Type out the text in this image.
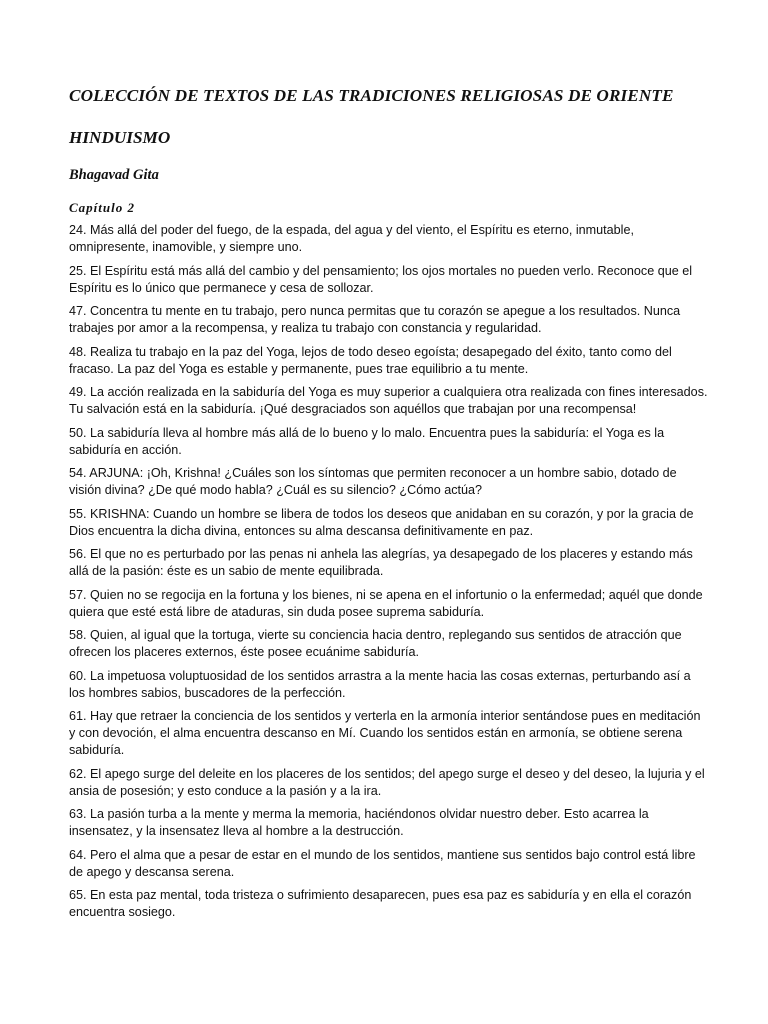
COLECCIÓN DE TEXTOS DE LAS TRADICIONES RELIGIOSAS DE ORIENTE
HINDUISMO
Bhagavad Gita
Capítulo 2

24. Más allá del poder del fuego, de la espada, del agua y del viento, el Espíritu es eterno, inmutable, omnipresente, inamovible, y siempre uno.

25. El Espíritu está más allá del cambio y del pensamiento; los ojos mortales no pueden verlo. Reconoce que el Espíritu es lo único que permanece y cesa de sollozar.

47. Concentra tu mente en tu trabajo, pero nunca permitas que tu corazón se apegue a los resultados. Nunca trabajes por amor a la recompensa, y realiza tu trabajo con constancia y regularidad.

48. Realiza tu trabajo en la paz del Yoga, lejos de todo deseo egoísta; desapegado del éxito, tanto como del fracaso. La paz del Yoga es estable y permanente, pues trae equilibrio a tu mente.

49. La acción realizada en la sabiduría del Yoga es muy superior a cualquiera otra realizada con fines interesados. Tu salvación está en la sabiduría. ¡Qué desgraciados son aquéllos que trabajan por una recompensa!

50. La sabiduría lleva al hombre más allá de lo bueno y lo malo. Encuentra pues la sabiduría: el Yoga es la sabiduría en acción.

54. ARJUNA: ¡Oh, Krishna! ¿Cuáles son los síntomas que permiten reconocer a un hombre sabio, dotado de visión divina? ¿De qué modo habla? ¿Cuál es su silencio? ¿Cómo actúa?

55. KRISHNA: Cuando un hombre se libera de todos los deseos que anidaban en su corazón, y por la gracia de Dios encuentra la dicha divina, entonces su alma descansa definitivamente en paz.

56. El que no es perturbado por las penas ni anhela las alegrías, ya desapegado de los placeres y estando más allá de la pasión: éste es un sabio de mente equilibrada.

57. Quien no se regocija en la fortuna y los bienes, ni se apena en el infortunio o la enfermedad; aquél que donde quiera que esté está libre de ataduras, sin duda posee suprema sabiduría.

58. Quien, al igual que la tortuga, vierte su conciencia hacia dentro, replegando sus sentidos de atracción que ofrecen los placeres externos, éste posee ecuánime sabiduría.

60. La impetuosa voluptuosidad de los sentidos arrastra a la mente hacia las cosas externas, perturbando así a los hombres sabios, buscadores de la perfección.

61. Hay que retraer la conciencia de los sentidos y verterla en la armonía interior sentándose pues en meditación y con devoción, el alma encuentra descanso en Mí. Cuando los sentidos están en armonía, se obtiene serena sabiduría.

62. El apego surge del deleite en los placeres de los sentidos; del apego surge el deseo y del deseo, la lujuria y el ansia de posesión; y esto conduce a la pasión y a la ira.

63. La pasión turba a la mente y merma la memoria, haciéndonos olvidar nuestro deber. Esto acarrea la insensatez, y la insensatez lleva al hombre a la destrucción.

64. Pero el alma que a pesar de estar en el mundo de los sentidos, mantiene sus sentidos bajo control está libre de apego y descansa serena.

65. En esta paz mental, toda tristeza o sufrimiento desaparecen, pues esa paz es sabiduría y en ella el corazón encuentra sosiego.
